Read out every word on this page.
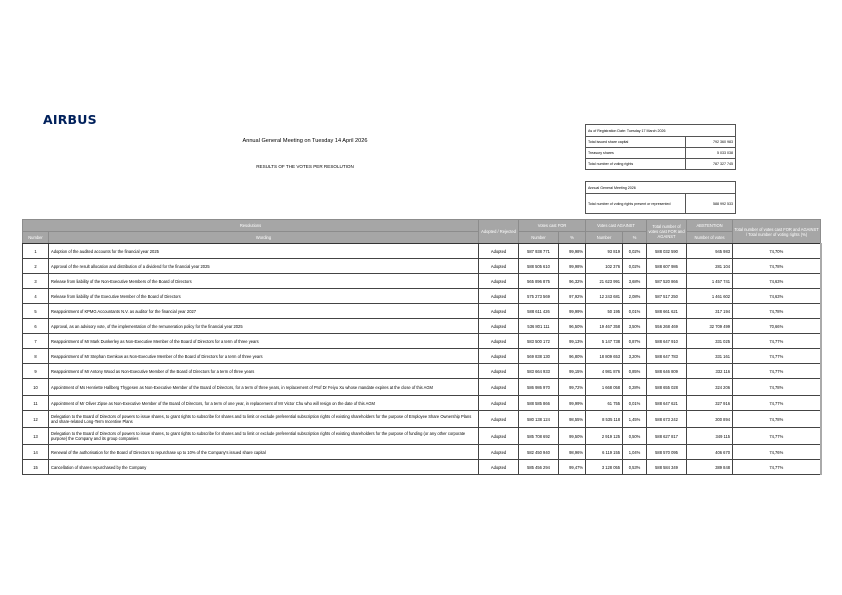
AIRBUS
Annual General Meeting on Tuesday 14 April 2026
RESULTS OF THE VOTES PER RESOLUTION
As of Registration Date: Tuesday 17 March 2026	
Total issued share capital	792 360 983
Treasury shares	5 033 038
Total number of voting rights	787 327 745
Annual General Meeting 2026
Total number of voting rights present or represented	588 992 533
Resolutions		Adopted / Rejected	Votes cast FOR		Votes cast AGAINST		Total number of votes cast FOR and AGAINST	ABSTENTION	Total number of votes cast FOR and AGAINST / Total number of voting rights (%)
Number	Wording		Number	%	Number	%		Number of votes	
1	Adoption of the audited accounts for the financial year 2025	Adopted	587 938 771	99,98%	93 819	0,02%	588 032 590	945 983	74,70%
2	Approval of the result allocation and distribution of a dividend for the financial year 2025	Adopted	588 505 610	99,98%	102 376	0,02%	588 607 986	281 104	74,78%
3	Release from liability of the Non-Executive Members of the Board of Directors	Adopted	565 896 875	96,32%	21 623 991	3,68%	587 520 866	1 457 741	74,63%
4	Release from liability of the Executive Member of the Board of Directors	Adopted	575 273 569	97,92%	12 243 681	2,08%	587 517 250	1 461 602	74,63%
5	Reappointment of KPMG Accountants N.V. as auditor for the financial year 2027	Adopted	588 611 426	99,99%	50 195	0,01%	588 661 621	317 194	74,78%
6	Approval, as an advisory vote, of the implementation of the remuneration policy for the financial year 2025	Adopted	536 801 111	96,50%	19 467 358	3,50%	556 268 469	32 709 499	70,66%
7	Reappointment of Mr Mark Dunkerley as Non-Executive Member of the Board of Directors for a term of three years	Adopted	583 500 172	99,13%	5 147 738	0,87%	588 647 910	331 025	74,77%
8	Reappointment of Mr Stephan Gemkow as Non-Executive Member of the Board of Directors for a term of three years	Adopted	569 838 130	96,80%	18 809 653	3,20%	588 647 783	331 161	74,77%
9	Reappointment of Mr Antony Wood as Non-Executive Member of the Board of Directors for a term of three years	Adopted	583 664 933	99,15%	4 981 876	0,85%	588 646 809	332 116	74,77%
10	Appointment of Ms Henriette Hallberg Thygesen as Non-Executive Member of the Board of Directors, for a term of three years, in replacement of Prof Dr Feiyu Xu whose mandate expires at the close of this AGM	Adopted	586 986 970	99,72%	1 668 058	0,28%	588 655 028	324 206	74,78%
11	Appointment of Mr Oliver Zipse as Non-Executive Member of the Board of Directors, for a term of one year, in replacement of Mr Victor Chu who will resign on the date of this AGM	Adopted	588 585 866	99,99%	61 755	0,01%	588 647 621	327 916	74,77%
12	Delegation to the Board of Directors of powers to issue shares, to grant rights to subscribe for shares and to limit or exclude preferential subscription rights of existing shareholders for the purpose of Employee Share Ownership Plans and share-related Long-Term Incentive Plans	Adopted	580 138 124	98,55%	8 535 118	1,45%	588 673 242	300 894	74,78%
13	Delegation to the Board of Directors of powers to issue shares, to grant rights to subscribe for shares and to limit or exclude preferential subscription rights of existing shareholders for the purpose of funding (or any other corporate purpose) the Company and its group companies	Adopted	585 708 692	99,50%	2 919 125	0,50%	588 627 817	349 115	74,77%
14	Renewal of the authorisation for the Board of Directors to repurchase up to 10% of the Company's issued share capital	Adopted	582 450 940	98,96%	6 119 155	1,04%	588 570 095	406 670	74,76%
15	Cancellation of shares repurchased by the Company	Adopted	585 456 294	99,47%	3 128 055	0,53%	588 584 349	389 848	74,77%
